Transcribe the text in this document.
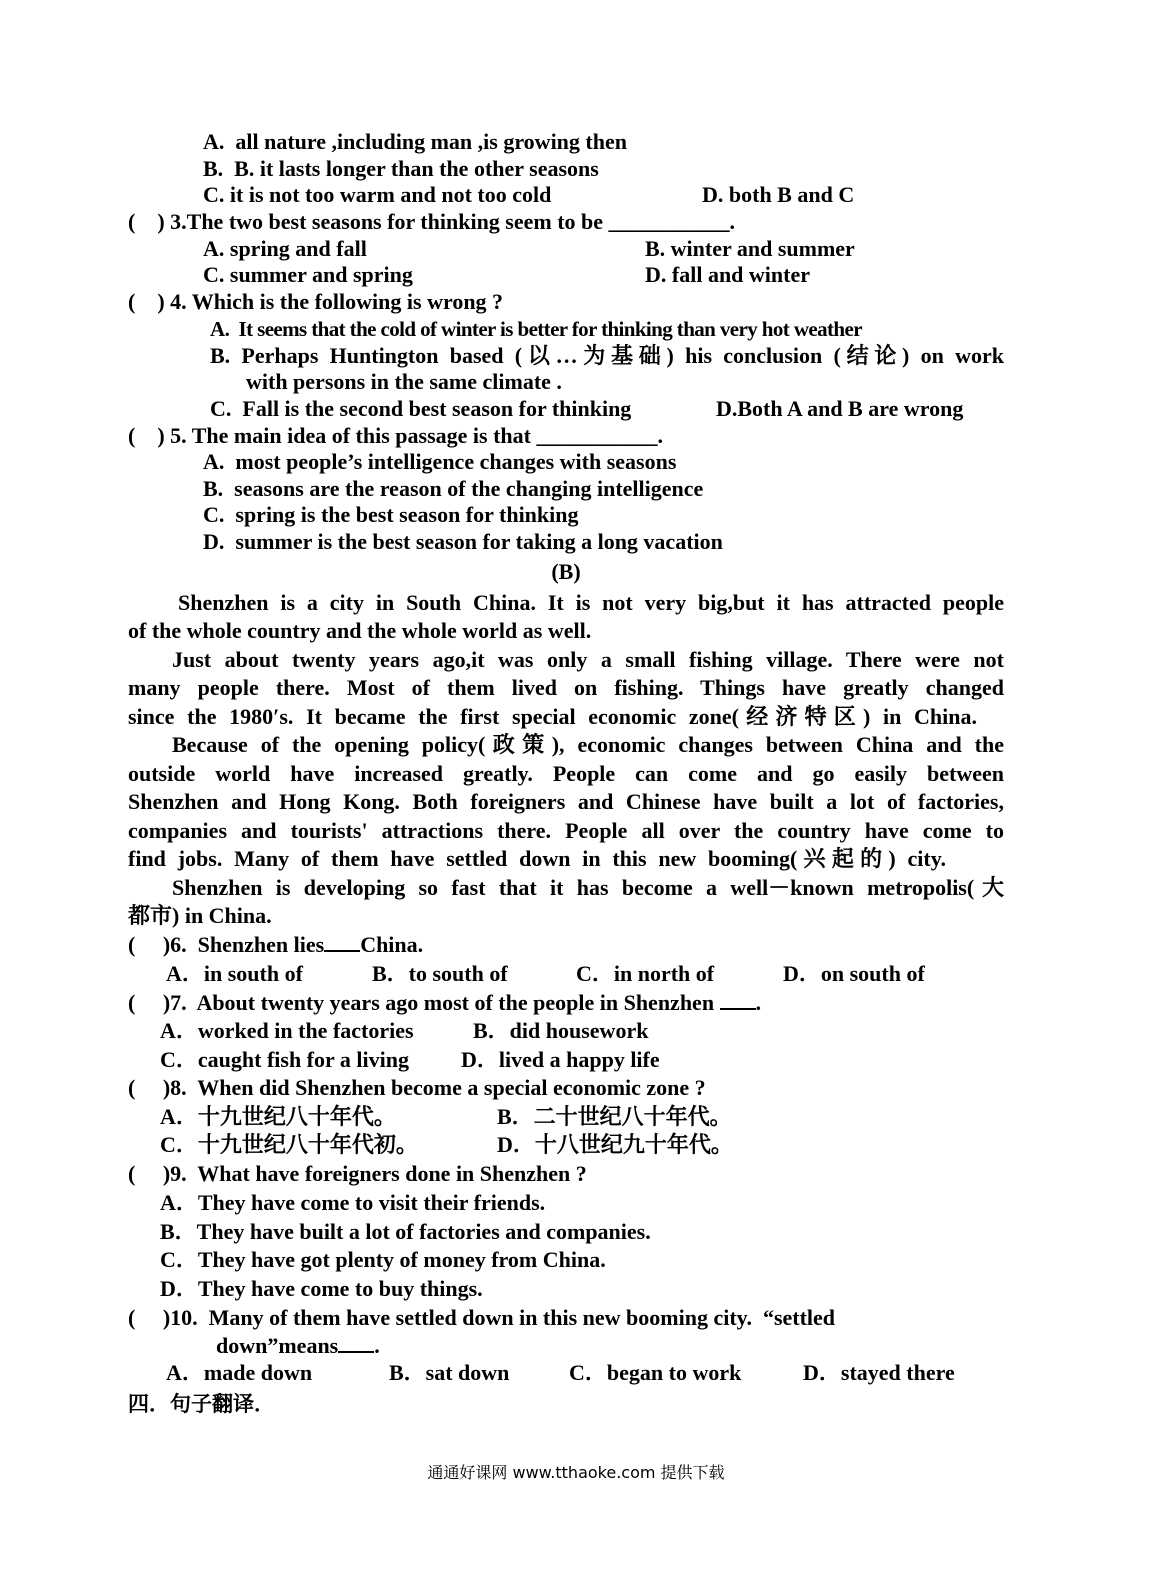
A.  all nature ,including man ,is growing then
B.  B. it lasts longer than the other seasons
C. it is not too warm and not too cold	D. both B and C
(    ) 3.The two best seasons for thinking seem to be ___________.
A. spring and fall	B. winter and summer
C. summer and spring	D. fall and winter
(    ) 4. Which is the following is wrong ?
A.  It seems that the cold of winter is better for thinking than very hot weather
B. Perhaps Huntington based (以…为基础) his conclusion (结论) on work
with persons in the same climate .
C.  Fall is the second best season for thinking	D.Both A and B are wrong
(    ) 5. The main idea of this passage is that ___________.
A.  most people’s intelligence changes with seasons
B.  seasons are the reason of the changing intelligence
C.  spring is the best season for thinking
D.  summer is the best season for taking a long vacation
(B)
Shenzhen is a city in South China. It is not very big,but it has attracted people
of the whole country and the whole world as well.
Just about twenty years ago,it was only a small fishing village. There were not
many people there. Most of them lived on fishing. Things have greatly changed
since the 1980′s. It became the first special economic zone(经济特区) in China.
Because of the opening policy(政策), economic changes between China and the
outside world have increased greatly. People can come and go easily between
Shenzhen and Hong Kong. Both foreigners and Chinese have built a lot of factories,
companies and tourists' attractions there. People all over the country have come to
find jobs. Many of them have settled down in this new booming(兴起的) city.
Shenzhen is developing so fast that it has become a well－known metropolis(大
都市) in China.
(     )6.  Shenzhen lies China.
A．in south of	B．to south of	C．in north of	D．on south of
(     )7.  About twenty years ago most of the people in Shenzhen .
A．worked in the factories	B．did housework
C．caught fish for a living D．lived a happy life
(     )8.  When did Shenzhen become a special economic zone ?
A．十九世纪八十年代。	B．二十世纪八十年代。
C．十九世纪八十年代初。	D．十八世纪九十年代。
(     )9.  What have foreigners done in Shenzhen ?
A．They have come to visit their friends.
B．They have built a lot of factories and companies.
C．They have got plenty of money from China.
D．They have come to buy things.
(     )10.  Many of them have settled down in this new booming city.  “settled
down”means .
A．made down	B．sat down	C．began to work	D．stayed there
四．句子翻译．
通通好课网 www.tthaoke.com 提供下载
